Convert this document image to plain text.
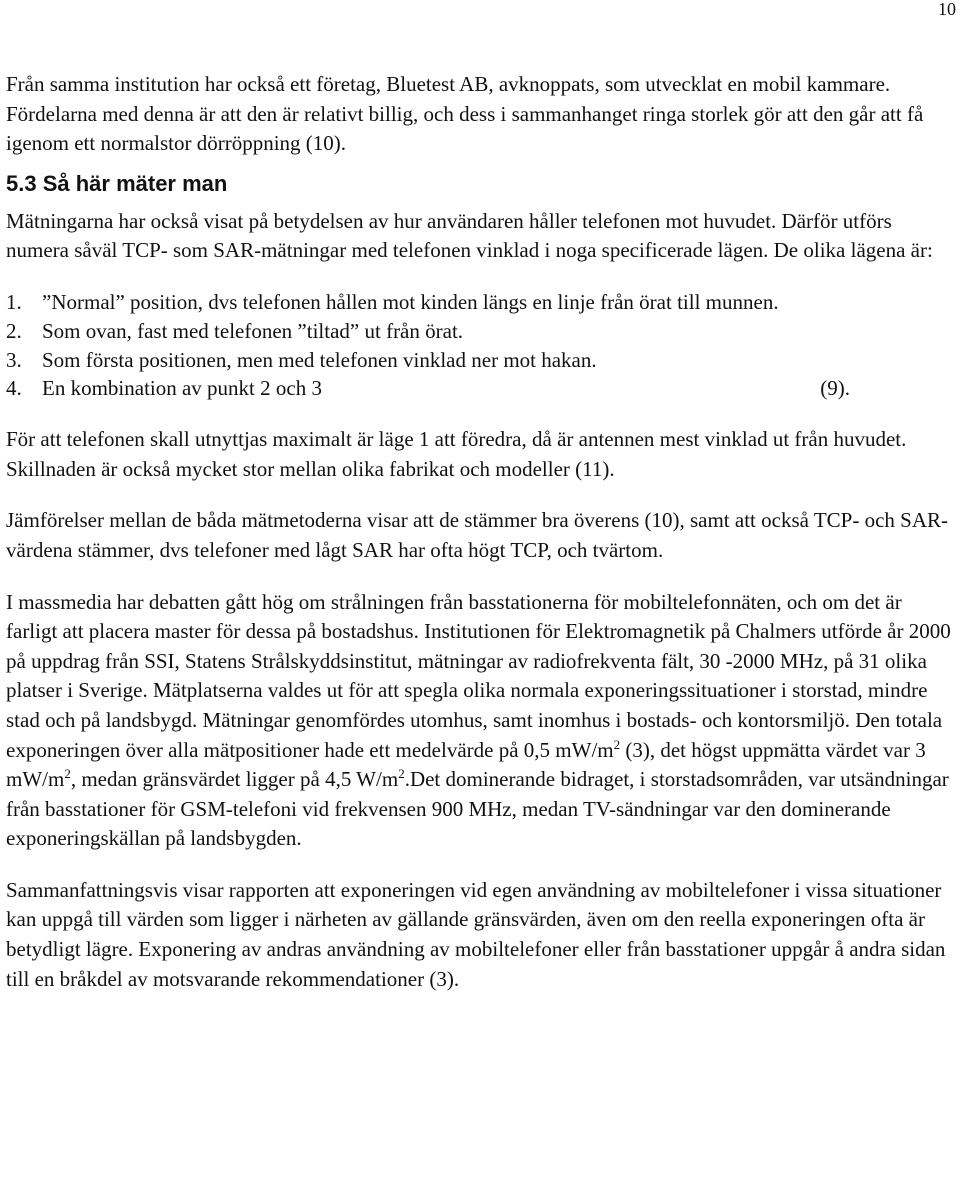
10

Från samma institution har också ett företag, Bluetest AB, avknoppats, som utvecklat en mobil kammare. Fördelarna med denna är att den är relativt billig, och dess i sammanhanget ringa storlek gör att den går att få igenom ett normalstor dörröppning (10).

5.3 Så här mäter man

Mätningarna har också visat på betydelsen av hur användaren håller telefonen mot huvudet. Därför utförs numera såväl TCP- som SAR-mätningar med telefonen vinklad i noga specificerade lägen. De olika lägena är:

1. ”Normal” position, dvs telefonen hållen mot kinden längs en linje från örat till munnen.
2. Som ovan, fast med telefonen ”tiltad” ut från örat.
3. Som första positionen, men med telefonen vinklad ner mot hakan.
4. En kombination av punkt 2 och 3	(9).

För att telefonen skall utnyttjas maximalt är läge 1 att föredra, då är antennen mest vinklad ut från huvudet. Skillnaden är också mycket stor mellan olika fabrikat och modeller (11).

Jämförelser mellan de båda mätmetoderna visar att de stämmer bra överens (10), samt att också TCP- och SAR-värdena stämmer, dvs telefoner med lågt SAR har ofta högt TCP, och tvärtom.

I massmedia har debatten gått hög om strålningen från basstationerna för mobiltelefonnäten, och om det är farligt att placera master för dessa på bostadshus. Institutionen för Elektromagnetik på Chalmers utförde år 2000 på uppdrag från SSI, Statens Strålskyddsinstitut, mätningar av radiofrekventa fält, 30 -2000 MHz, på 31 olika platser i Sverige. Mätplatserna valdes ut för att spegla olika normala exponeringssituationer i storstad, mindre stad och på landsbygd. Mätningar genomfördes utomhus, samt inomhus i bostads- och kontorsmiljö. Den totala exponeringen över alla mätpositioner hade ett medelvärde på 0,5 $mW/m^2$ (3), det högst uppmätta värdet var 3 $mW/m^2$, medan gränsvärdet ligger på 4,5 $W/m^2.Det$ dominerande bidraget, i storstadsområden, var utsändningar från basstationer för GSM-telefoni vid frekvensen 900 MHz, medan TV-sändningar var den dominerande exponeringskällan på landsbygden.

Sammanfattningsvis visar rapporten att exponeringen vid egen användning av mobiltelefoner i vissa situationer kan uppgå till värden som ligger i närheten av gällande gränsvärden, även om den reella exponeringen ofta är betydligt lägre. Exponering av andras användning av mobiltelefoner eller från basstationer uppgår å andra sidan till en bråkdel av motsvarande rekommendationer (3).
